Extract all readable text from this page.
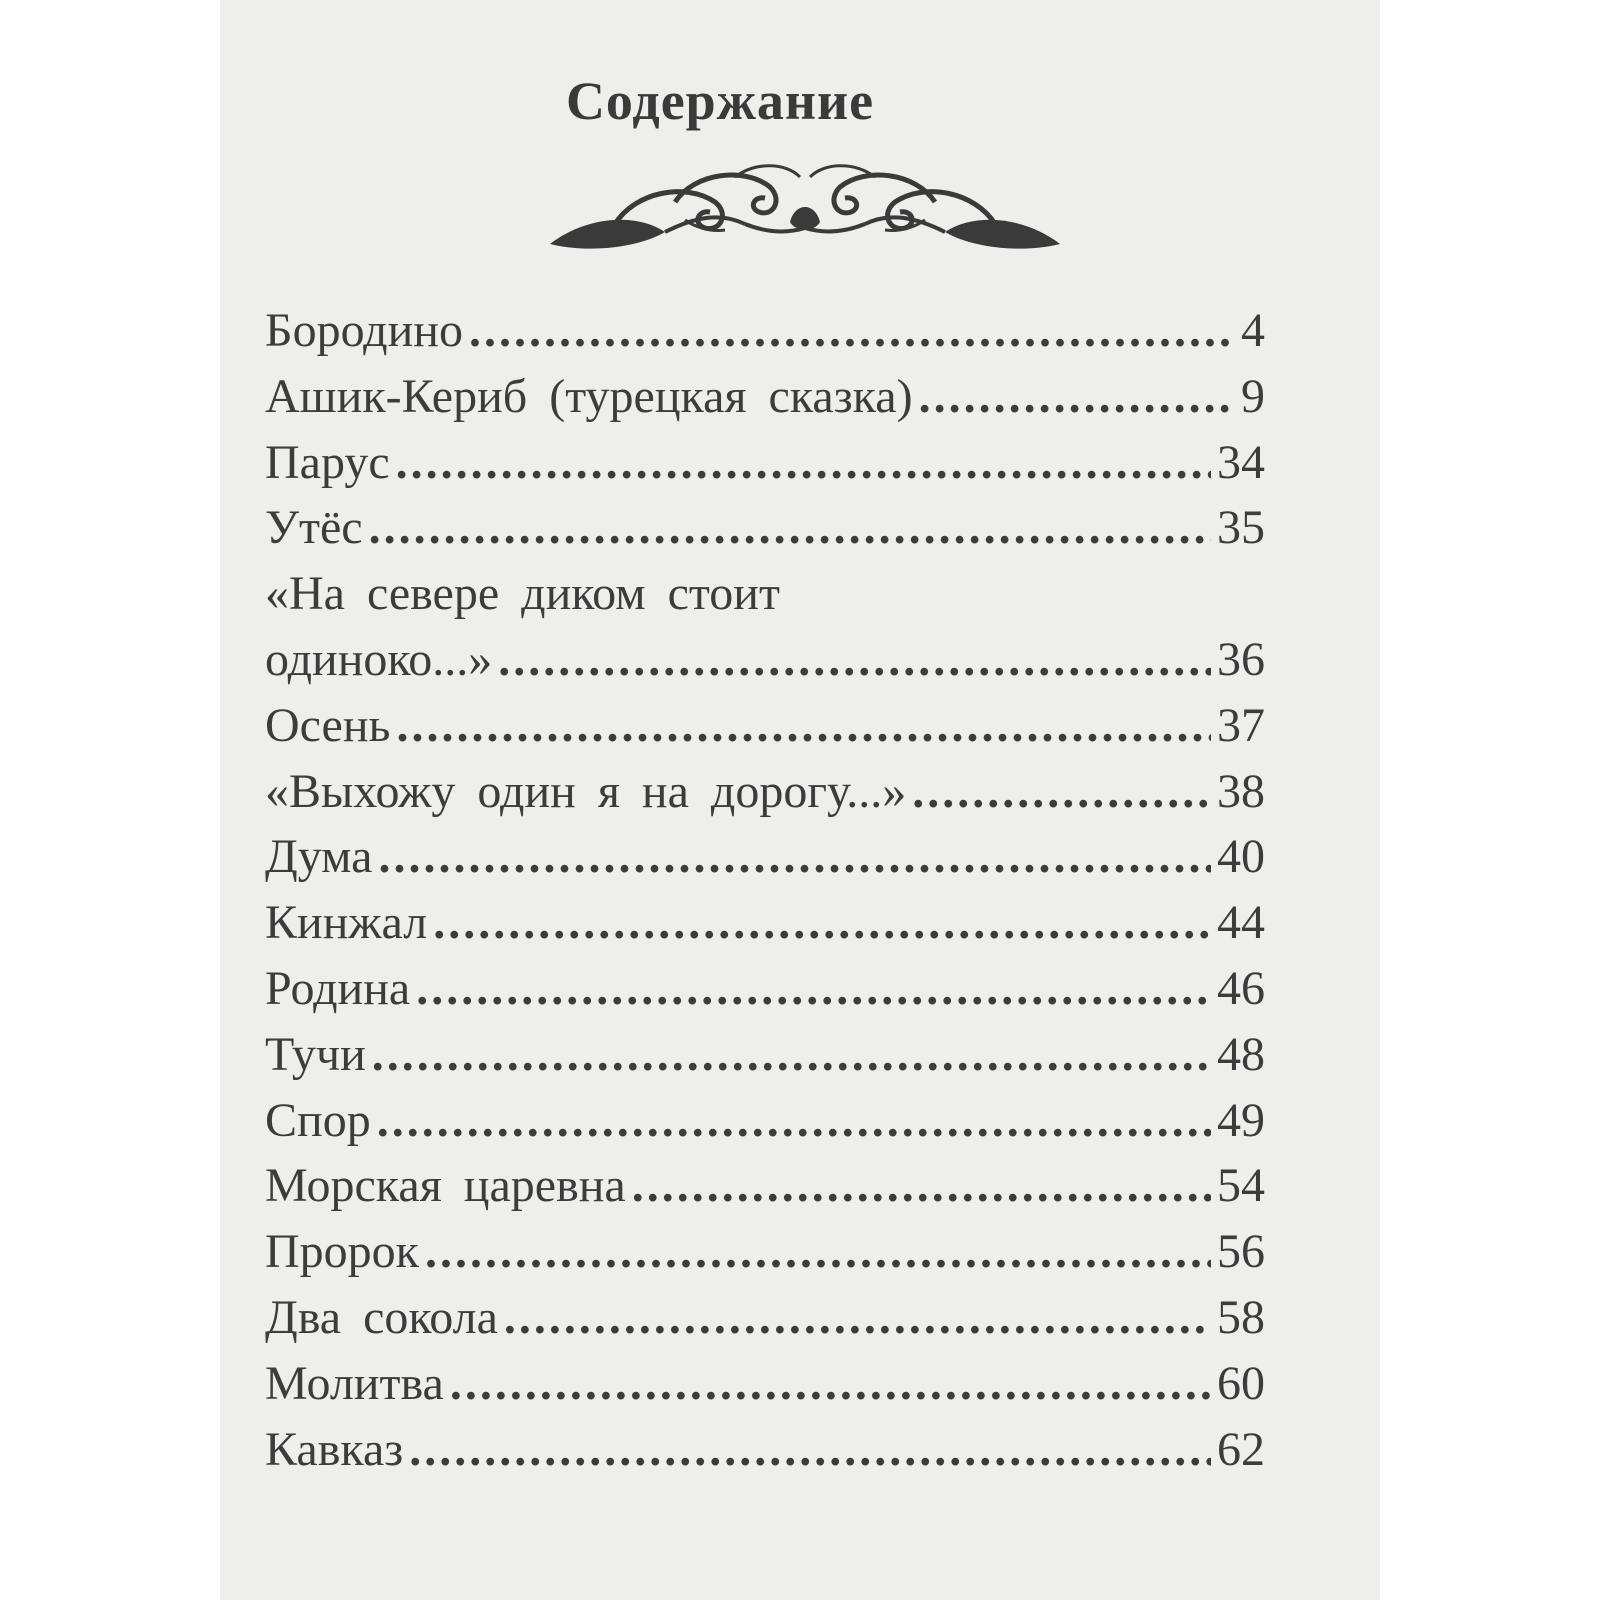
Содержание
Бородино .....	4
Ашик-Кериб (турецкая сказка) .....	9
Парус .....	34
Утёс .....	35
«На севере диком стоит
одиноко...» .....	36
Осень .....	37
«Выхожу один я на дорогу...» .....	38
Дума .....	40
Кинжал .....	44
Родина .....	46
Тучи .....	48
Спор .....	49
Морская царевна .....	54
Пророк .....	56
Два сокола .....	58
Молитва .....	60
Кавказ .....	62
